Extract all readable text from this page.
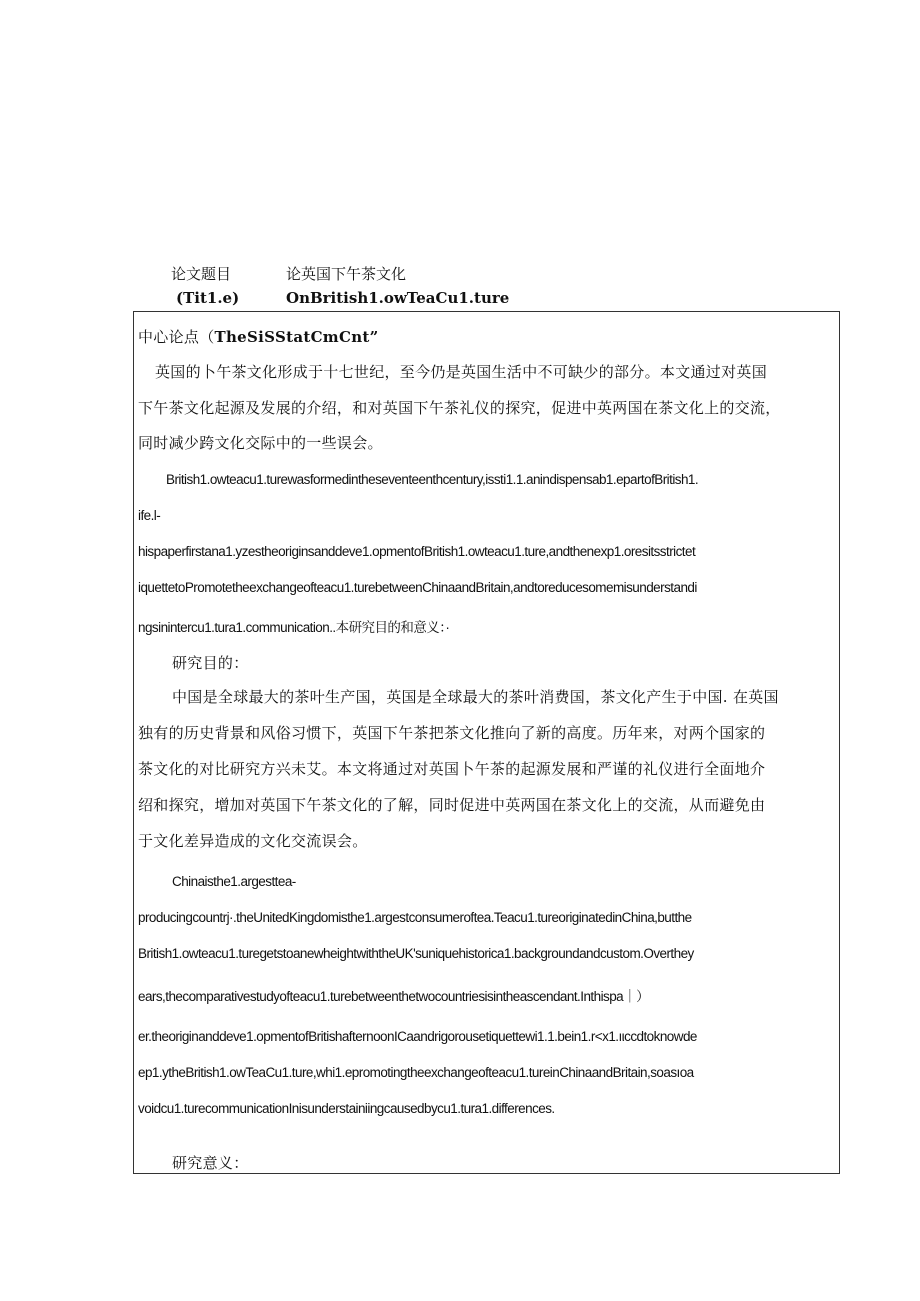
论文题目
(Tit1.e)
论英国下午茶文化
OnBritish1.owTeaCu1.ture
中心论点（TheSiSStatCmCnt”
英国的卜午茶文化形成于十七世纪，至今仍是英国生活中不可缺少的部分。本文通过对英国
下午茶文化起源及发展的介绍，和对英国下午茶礼仪的探究，促进中英两国在茶文化上的交流，
同时减少跨文化交际中的一些误会。
British1.owteacu1.turewasformedintheseventeenthcentury,issti1.1.anindispensab1.epartofBritish1.
ife.l-
hispaperfirstana1.yzestheoriginsanddeve1.opmentofBritish1.owteacu1.ture,andthenexp1.oresitsstrictet
iquettetoPromotetheexchangeofteacu1.turebetweenChinaandBritain,andtoreducesomemisunderstandi
ngsinintercu1.tura1.communication..本研究目的和意义：·
研究目的：
中国是全球最大的茶叶生产国，英国是全球最大的茶叶消费国，茶文化产生于中国. 在英国
独有的历史背景和风俗习惯下，英国下午茶把茶文化推向了新的高度。历年来，对两个国家的
茶文化的对比研究方兴未艾。本文将通过对英国卜午茶的起源发展和严谨的礼仪进行全面地介
绍和探究，增加对英国下午茶文化的了解，同时促进中英两国在茶文化上的交流，从而避免由
于文化差异造成的文化交流误会。
Chinaisthe1.argesttea-
producingcountrj·.theUnitedKingdomisthe1.argestconsumeroftea.Teacu1.tureoriginatedinChina,butthe
British1.owteacu1.turegetstoanewheightwiththeUK'suniquehistorica1.backgroundandcustom.Overthey
ears,thecomparativestudyofteacu1.turebetweenthetwocountriesisintheascendant.Inthispa｜）
er.theoriginanddeve1.opmentofBritishafternoonICaandrigorousetiquettewi1.1.bein1.r<x1.ıιccdtoknowde
ep1.ytheBritish1.owTeaCu1.ture,whi1.epromotingtheexchangeofteacu1.tureinChinaandBritain,soasıoa
voidcu1.turecommunicationInisunderstainiingcausedbycu1.tura1.differences.
研究意义：
